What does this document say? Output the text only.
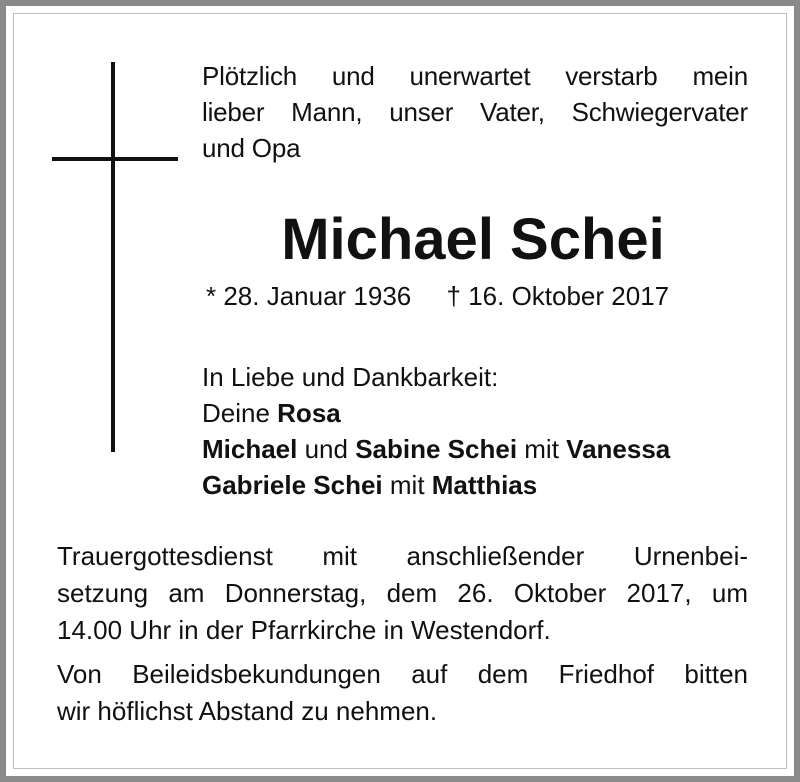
Plötzlich und unerwartet verstarb mein
lieber Mann, unser Vater, Schwiegervater
und Opa
Michael Schei
* 28. Januar 1936 † 16. Oktober 2017
In Liebe und Dankbarkeit:
Deine Rosa
Michael und Sabine Schei mit Vanessa
Gabriele Schei mit Matthias
Trauergottesdienst mit anschließender Urnenbei-
setzung am Donnerstag, dem 26. Oktober 2017, um
14.00 Uhr in der Pfarrkirche in Westendorf.
Von Beileidsbekundungen auf dem Friedhof bitten
wir höflichst Abstand zu nehmen.
